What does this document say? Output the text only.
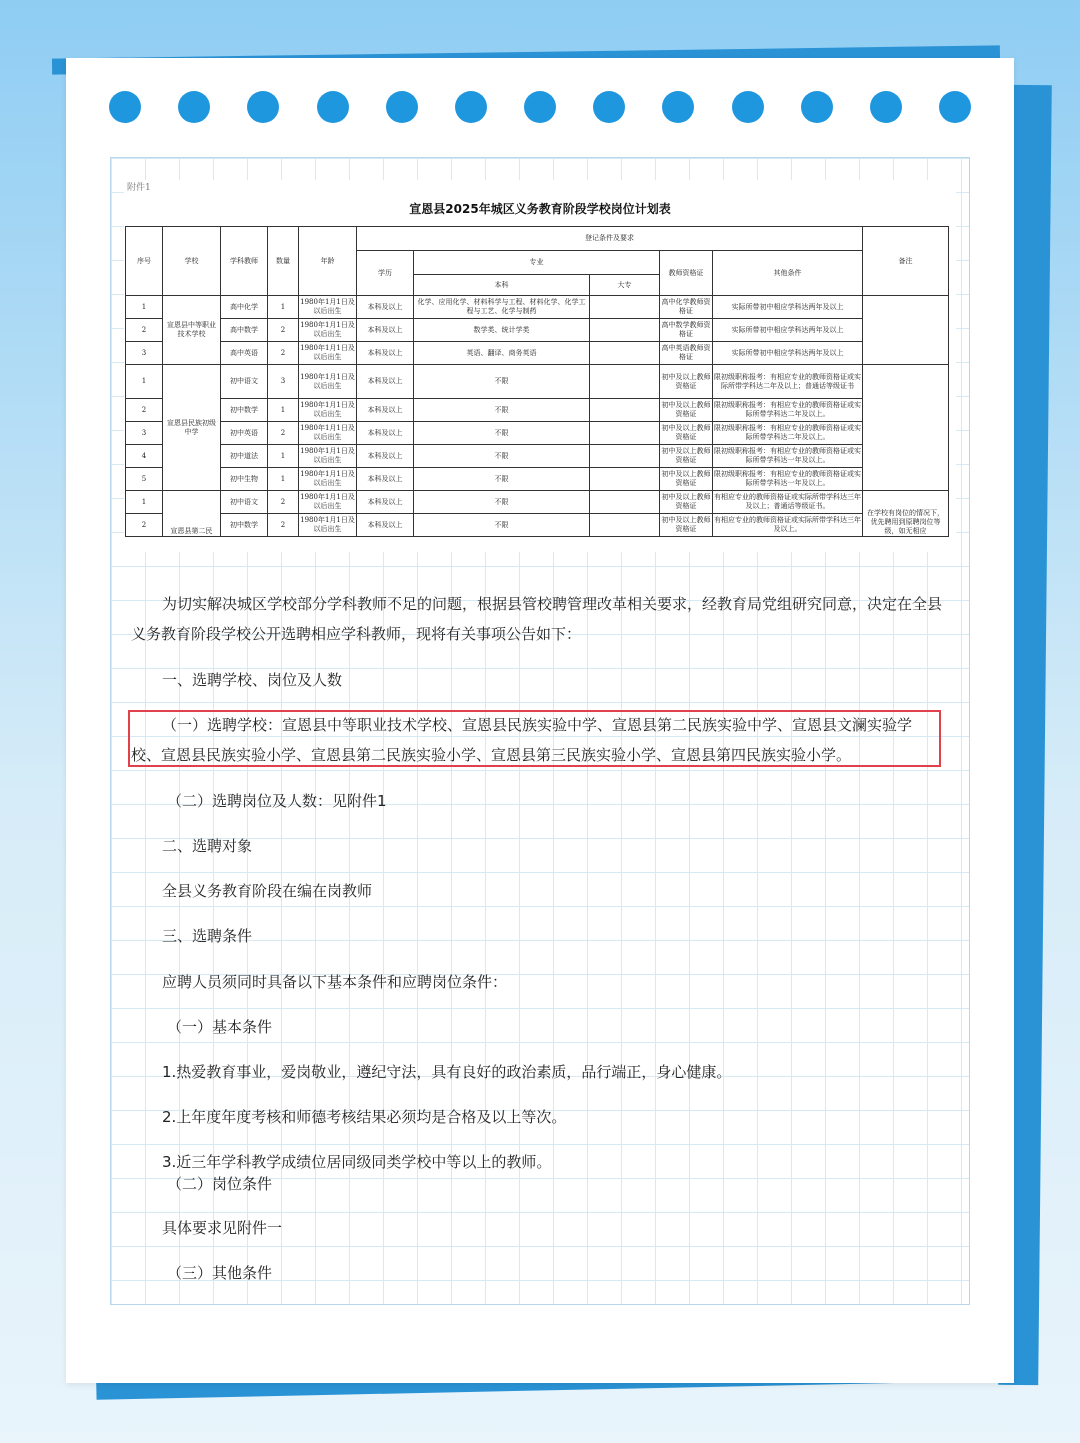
附件1
宣恩县2025年城区义务教育阶段学校岗位计划表
序号	学校	学科教师	数量	年龄	登记条件及要求					备注
					学历	专业		教师资格证	其他条件	
						本科	大专			
1	宣恩县中等职业技术学校	高中化学	1	1980年1月1日及以后出生	本科及以上	化学、应用化学、材料科学与工程、材料化学、化学工程与工艺、化学与制药		高中化学教师资格证	实际所带初中相应学科达两年及以上	
2		高中数学	2	1980年1月1日及以后出生	本科及以上	数学类、统计学类		高中数学教师资格证	实际所带初中相应学科达两年及以上	
3		高中英语	2	1980年1月1日及以后出生	本科及以上	英语、翻译、商务英语		高中英语教师资格证	实际所带初中相应学科达两年及以上	
1	宣恩县民族初级中学	初中语文	3	1980年1月1日及以后出生	本科及以上	不限		初中及以上教师资格证	限初级职称报考：有相应专业的教师资格证或实际所带学科达二年及以上；普通话等级证书	
2		初中数学	1	1980年1月1日及以后出生	本科及以上	不限		初中及以上教师资格证	限初级职称报考：有相应专业的教师资格证或实际所带学科达二年及以上。	
3		初中英语	2	1980年1月1日及以后出生	本科及以上	不限		初中及以上教师资格证	限初级职称报考：有相应专业的教师资格证或实际所带学科达二年及以上。	
4		初中道法	1	1980年1月1日及以后出生	本科及以上	不限		初中及以上教师资格证	限初级职称报考：有相应专业的教师资格证或实际所带学科达一年及以上。	
5		初中生物	1	1980年1月1日及以后出生	本科及以上	不限		初中及以上教师资格证	限初级职称报考：有相应专业的教师资格证或实际所带学科达一年及以上。	
1	宣恩县第二民	初中语文	2	1980年1月1日及以后出生	本科及以上	不限		初中及以上教师资格证	有相应专业的教师资格证或实际所带学科达三年及以上；普通话等级证书。	在学校有岗位的情况下，优先聘用到原聘岗位等级，如无相应
2		初中数学	2	1980年1月1日及以后出生	本科及以上	不限		初中及以上教师资格证	有相应专业的教师资格证或实际所带学科达三年及以上。	
为切实解决城区学校部分学科教师不足的问题，根据县管校聘管理改革相关要求，经教育局党组研究同意，决定在全县义务教育阶段学校公开选聘相应学科教师，现将有关事项公告如下：
一、选聘学校、岗位及人数
（一）选聘学校：宣恩县中等职业技术学校、宣恩县民族实验中学、宣恩县第二民族实验中学、宣恩县文澜实验学校、宣恩县民族实验小学、宣恩县第二民族实验小学、宣恩县第三民族实验小学、宣恩县第四民族实验小学。
（二）选聘岗位及人数：见附件1
二、选聘对象
全县义务教育阶段在编在岗教师
三、选聘条件
应聘人员须同时具备以下基本条件和应聘岗位条件：
（一）基本条件
1.热爱教育事业，爱岗敬业，遵纪守法，具有良好的政治素质，品行端正，身心健康。
2.上年度年度考核和师德考核结果必须均是合格及以上等次。
3.近三年学科教学成绩位居同级同类学校中等以上的教师。
（二）岗位条件
具体要求见附件一
（三）其他条件
